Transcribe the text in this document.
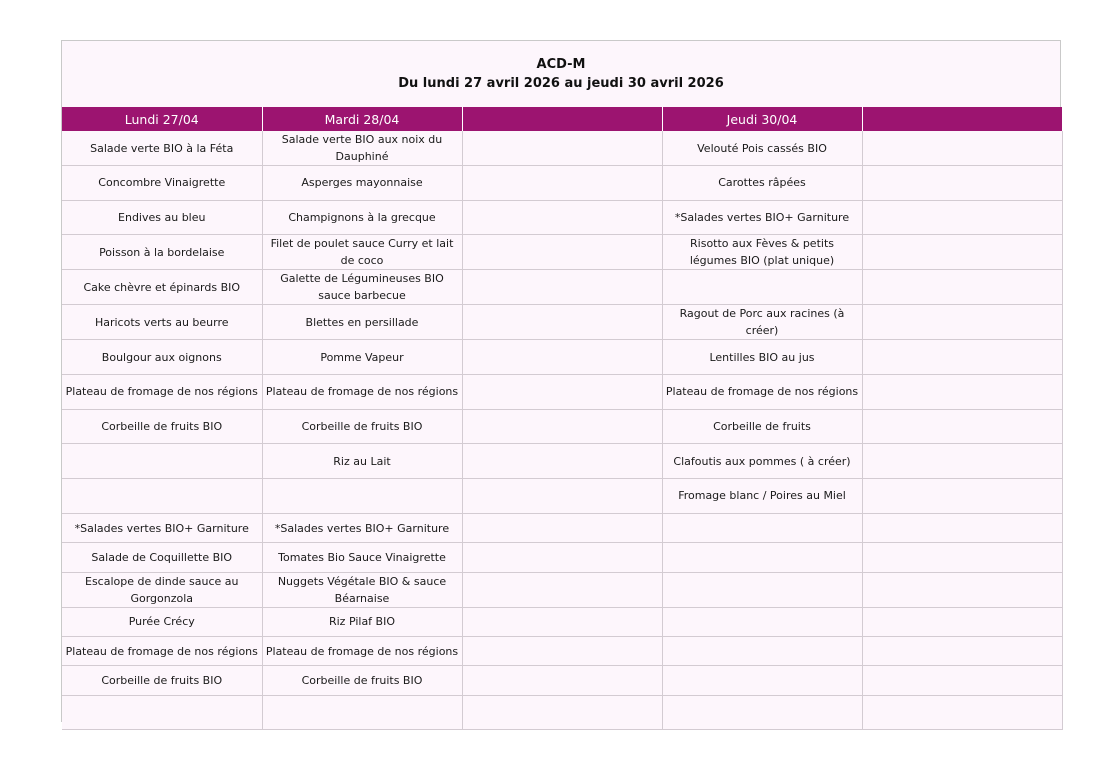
ACD-M
Du lundi 27 avril 2026 au jeudi 30 avril 2026
Lundi 27/04	Mardi 28/04		Jeudi 30/04	
Salade verte BIO à la Féta	Salade verte BIO aux noix du Dauphiné		Velouté Pois cassés BIO	
Concombre Vinaigrette	Asperges mayonnaise		Carottes râpées	
Endives au bleu	Champignons à la grecque		*Salades vertes BIO+ Garniture	
Poisson à la bordelaise	Filet de poulet sauce Curry et lait de coco		Risotto aux Fèves & petits légumes BIO (plat unique)	
Cake chèvre et épinards BIO	Galette de Légumineuses BIO sauce barbecue			
Haricots verts au beurre	Blettes en persillade		Ragout de Porc aux racines (à créer)	
Boulgour aux oignons	Pomme Vapeur		Lentilles BIO au jus	
Plateau de fromage de nos régions	Plateau de fromage de nos régions		Plateau de fromage de nos régions	
Corbeille de fruits BIO	Corbeille de fruits BIO		Corbeille de fruits	
	Riz au Lait		Clafoutis aux pommes ( à créer)	
			Fromage blanc / Poires au Miel	
*Salades vertes BIO+ Garniture	*Salades vertes BIO+ Garniture			
Salade de Coquillette BIO	Tomates Bio Sauce Vinaigrette			
Escalope de dinde sauce au Gorgonzola	Nuggets Végétale BIO & sauce Béarnaise			
Purée Crécy	Riz Pilaf BIO			
Plateau de fromage de nos régions	Plateau de fromage de nos régions			
Corbeille de fruits BIO	Corbeille de fruits BIO			
